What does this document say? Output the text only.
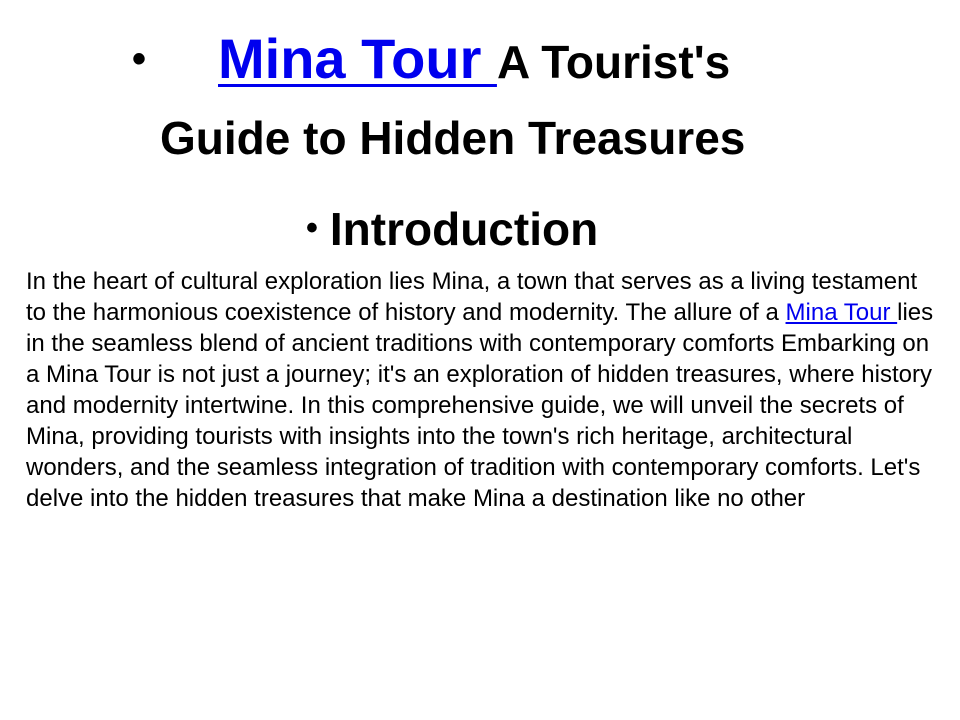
• Mina Tour A Tourist's
Guide to Hidden Treasures
• Introduction
In the heart of cultural exploration lies Mina, a town that serves as a living testament to the harmonious coexistence of history and modernity. The allure of a Mina Tour lies in the seamless blend of ancient traditions with contemporary comforts Embarking on a Mina Tour is not just a journey; it's an exploration of hidden treasures, where history and modernity intertwine. In this comprehensive guide, we will unveil the secrets of Mina, providing tourists with insights into the town's rich heritage, architectural wonders, and the seamless integration of tradition with contemporary comforts. Let's delve into the hidden treasures that make Mina a destination like no other
